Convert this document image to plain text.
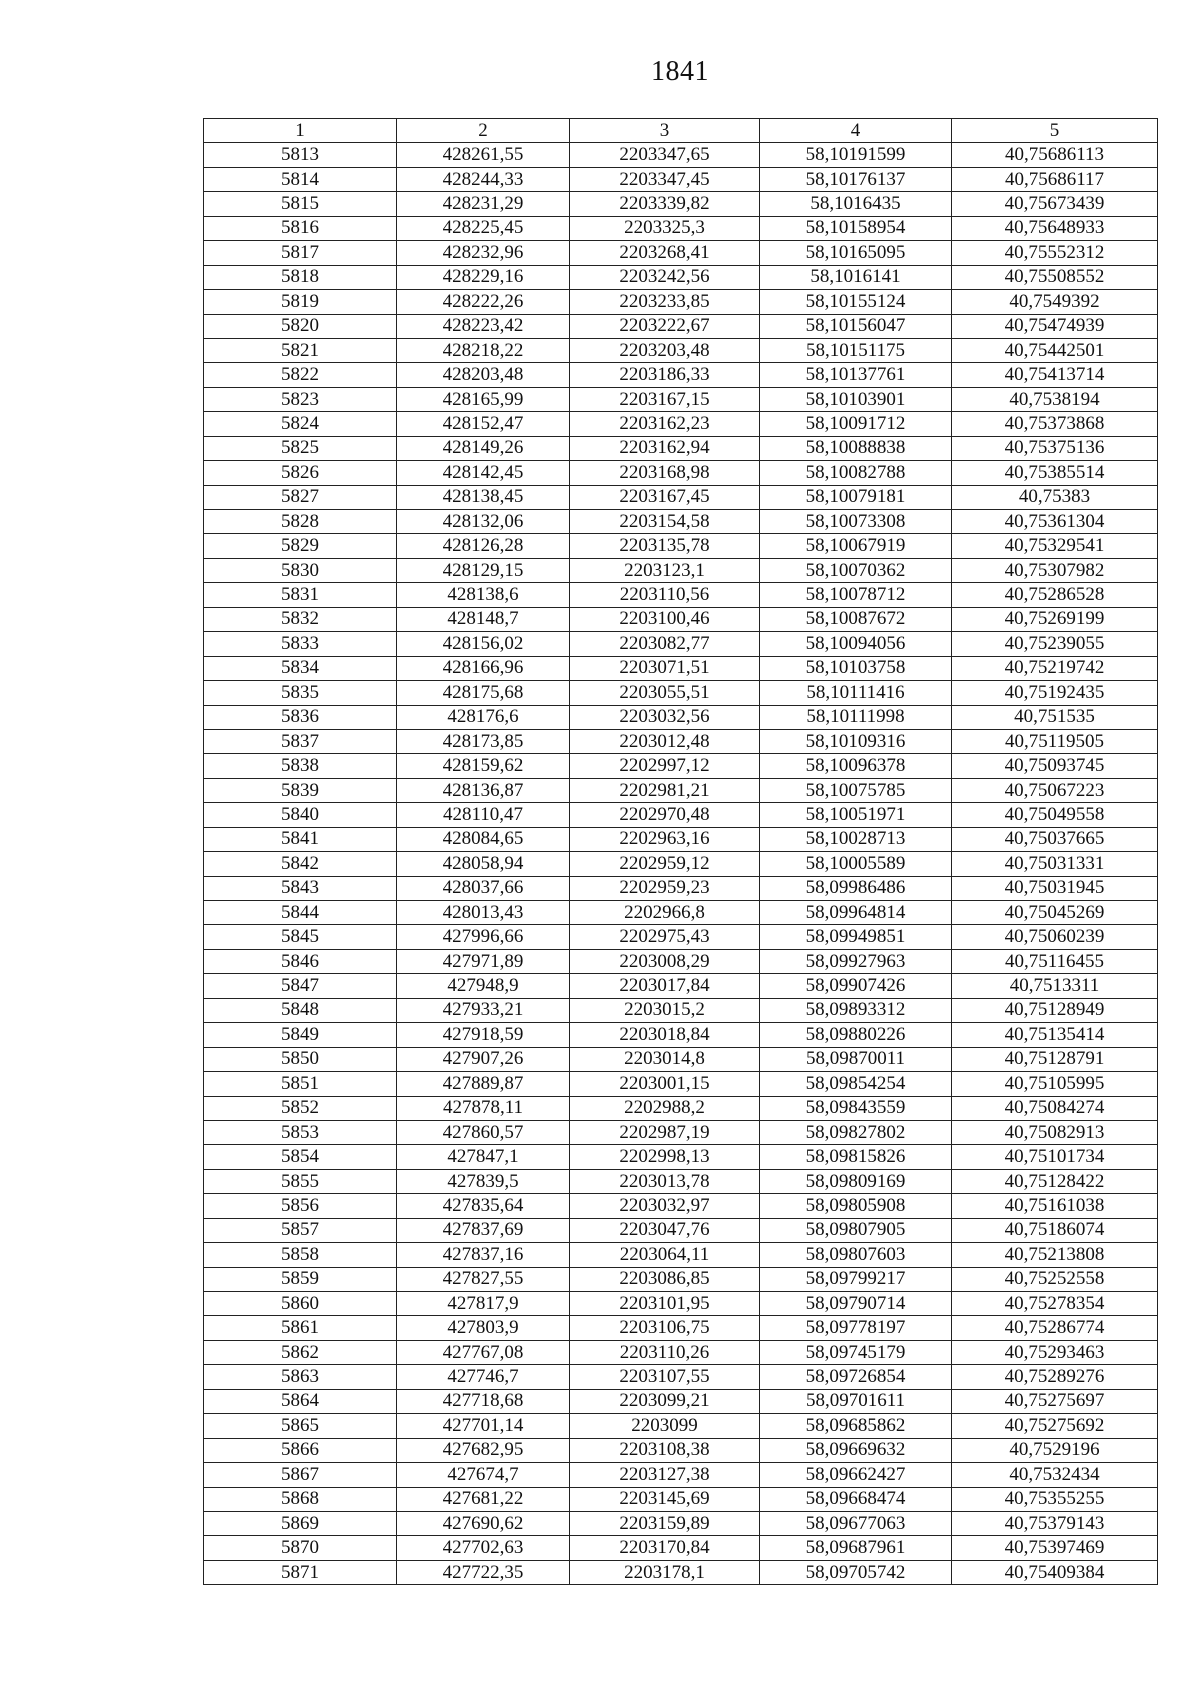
1841
1	2	3	4	5
5813	428261,55	2203347,65	58,10191599	40,75686113
5814	428244,33	2203347,45	58,10176137	40,75686117
5815	428231,29	2203339,82	58,1016435	40,75673439
5816	428225,45	2203325,3	58,10158954	40,75648933
5817	428232,96	2203268,41	58,10165095	40,75552312
5818	428229,16	2203242,56	58,1016141	40,75508552
5819	428222,26	2203233,85	58,10155124	40,7549392
5820	428223,42	2203222,67	58,10156047	40,75474939
5821	428218,22	2203203,48	58,10151175	40,75442501
5822	428203,48	2203186,33	58,10137761	40,75413714
5823	428165,99	2203167,15	58,10103901	40,7538194
5824	428152,47	2203162,23	58,10091712	40,75373868
5825	428149,26	2203162,94	58,10088838	40,75375136
5826	428142,45	2203168,98	58,10082788	40,75385514
5827	428138,45	2203167,45	58,10079181	40,75383
5828	428132,06	2203154,58	58,10073308	40,75361304
5829	428126,28	2203135,78	58,10067919	40,75329541
5830	428129,15	2203123,1	58,10070362	40,75307982
5831	428138,6	2203110,56	58,10078712	40,75286528
5832	428148,7	2203100,46	58,10087672	40,75269199
5833	428156,02	2203082,77	58,10094056	40,75239055
5834	428166,96	2203071,51	58,10103758	40,75219742
5835	428175,68	2203055,51	58,10111416	40,75192435
5836	428176,6	2203032,56	58,10111998	40,751535
5837	428173,85	2203012,48	58,10109316	40,75119505
5838	428159,62	2202997,12	58,10096378	40,75093745
5839	428136,87	2202981,21	58,10075785	40,75067223
5840	428110,47	2202970,48	58,10051971	40,75049558
5841	428084,65	2202963,16	58,10028713	40,75037665
5842	428058,94	2202959,12	58,10005589	40,75031331
5843	428037,66	2202959,23	58,09986486	40,75031945
5844	428013,43	2202966,8	58,09964814	40,75045269
5845	427996,66	2202975,43	58,09949851	40,75060239
5846	427971,89	2203008,29	58,09927963	40,75116455
5847	427948,9	2203017,84	58,09907426	40,7513311
5848	427933,21	2203015,2	58,09893312	40,75128949
5849	427918,59	2203018,84	58,09880226	40,75135414
5850	427907,26	2203014,8	58,09870011	40,75128791
5851	427889,87	2203001,15	58,09854254	40,75105995
5852	427878,11	2202988,2	58,09843559	40,75084274
5853	427860,57	2202987,19	58,09827802	40,75082913
5854	427847,1	2202998,13	58,09815826	40,75101734
5855	427839,5	2203013,78	58,09809169	40,75128422
5856	427835,64	2203032,97	58,09805908	40,75161038
5857	427837,69	2203047,76	58,09807905	40,75186074
5858	427837,16	2203064,11	58,09807603	40,75213808
5859	427827,55	2203086,85	58,09799217	40,75252558
5860	427817,9	2203101,95	58,09790714	40,75278354
5861	427803,9	2203106,75	58,09778197	40,75286774
5862	427767,08	2203110,26	58,09745179	40,75293463
5863	427746,7	2203107,55	58,09726854	40,75289276
5864	427718,68	2203099,21	58,09701611	40,75275697
5865	427701,14	2203099	58,09685862	40,75275692
5866	427682,95	2203108,38	58,09669632	40,7529196
5867	427674,7	2203127,38	58,09662427	40,7532434
5868	427681,22	2203145,69	58,09668474	40,75355255
5869	427690,62	2203159,89	58,09677063	40,75379143
5870	427702,63	2203170,84	58,09687961	40,75397469
5871	427722,35	2203178,1	58,09705742	40,75409384
